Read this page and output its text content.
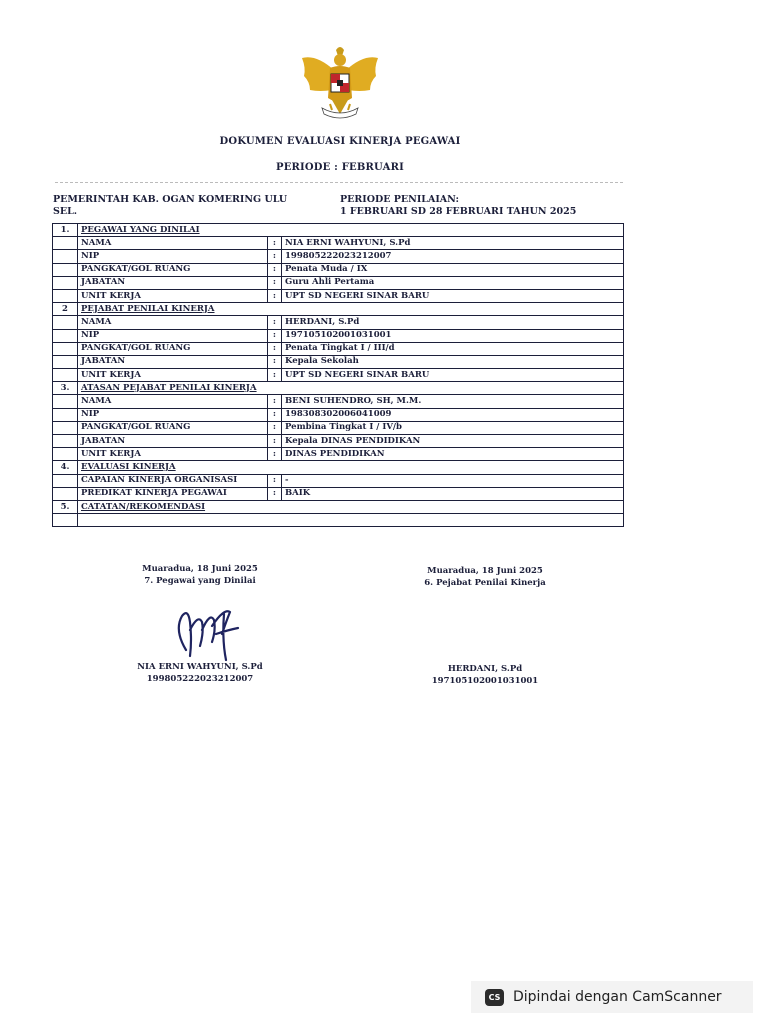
DOKUMEN EVALUASI KINERJA PEGAWAI
PERIODE : FEBRUARI
PEMERINTAH KAB. OGAN KOMERING ULU
SEL.
PERIODE PENILAIAN:
1 FEBRUARI SD 28 FEBRUARI TAHUN 2025
1.	PEGAWAI YANG DINILAI		
	NAMA	:	NIA ERNI WAHYUNI, S.Pd
	NIP	:	199805222023212007
	PANGKAT/GOL RUANG	:	Penata Muda / IX
	JABATAN	:	Guru Ahli Pertama
	UNIT KERJA	:	UPT SD NEGERI SINAR BARU
2	PEJABAT PENILAI KINERJA		
	NAMA	:	HERDANI, S.Pd
	NIP	:	197105102001031001
	PANGKAT/GOL RUANG	:	Penata Tingkat I / III/d
	JABATAN	:	Kepala Sekolah
	UNIT KERJA	:	UPT SD NEGERI SINAR BARU
3.	ATASAN PEJABAT PENILAI KINERJA		
	NAMA	:	BENI SUHENDRO, SH, M.M.
	NIP	:	198308302006041009
	PANGKAT/GOL RUANG	:	Pembina Tingkat I / IV/b
	JABATAN	:	Kepala DINAS PENDIDIKAN
	UNIT KERJA	:	DINAS PENDIDIKAN
4.	EVALUASI KINERJA		
	CAPAIAN KINERJA ORGANISASI	:	-
	PREDIKAT KINERJA PEGAWAI	:	BAIK
5.	CATATAN/REKOMENDASI		

Muaradua, 18 Juni 2025
7. Pegawai yang Dinilai
Muaradua, 18 Juni 2025
6. Pejabat Penilai Kinerja
NIA ERNI WAHYUNI, S.Pd
199805222023212007
HERDANI, S.Pd
197105102001031001
CS Dipindai dengan CamScanner
